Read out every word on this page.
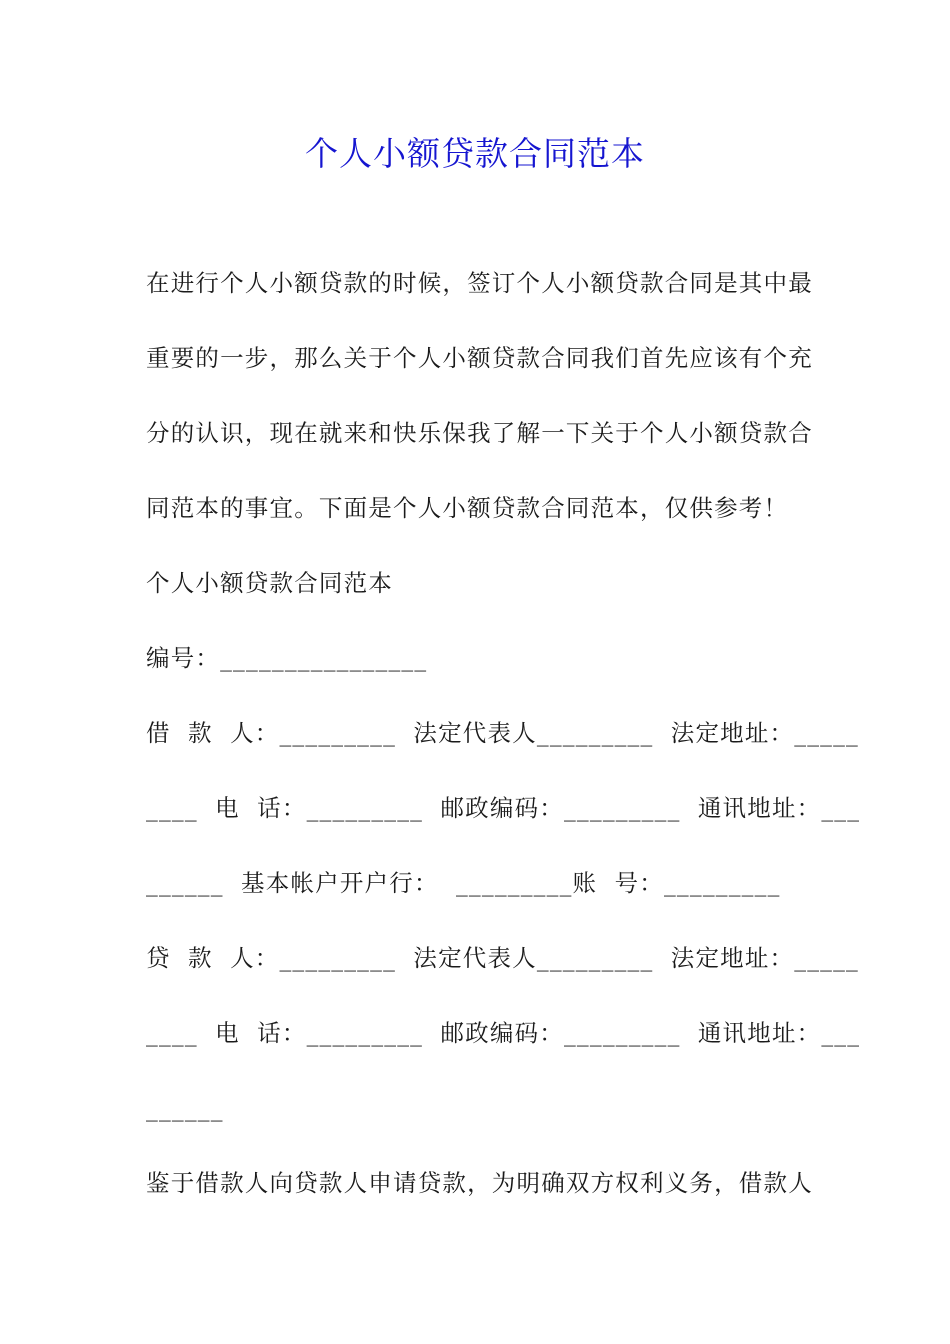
个人小额贷款合同范本
在进行个人小额贷款的时候，签订个人小额贷款合同是其中最
重要的一步，那么关于个人小额贷款合同我们首先应该有个充
分的认识，现在就来和快乐保我了解一下关于个人小额贷款合
同范本的事宜。下面是个人小额贷款合同范本，仅供参考！
个人小额贷款合同范本
编号：________________
借  款  人：_________  法定代表人_________  法定地址：_____
____  电  话：_________  邮政编码：_________  通讯地址：___
______  基本帐户开户行：  _________账  号：_________
贷  款  人：_________  法定代表人_________  法定地址：_____
____  电  话：_________  邮政编码：_________  通讯地址：___
______
鉴于借款人向贷款人申请贷款，为明确双方权利义务，借款人
